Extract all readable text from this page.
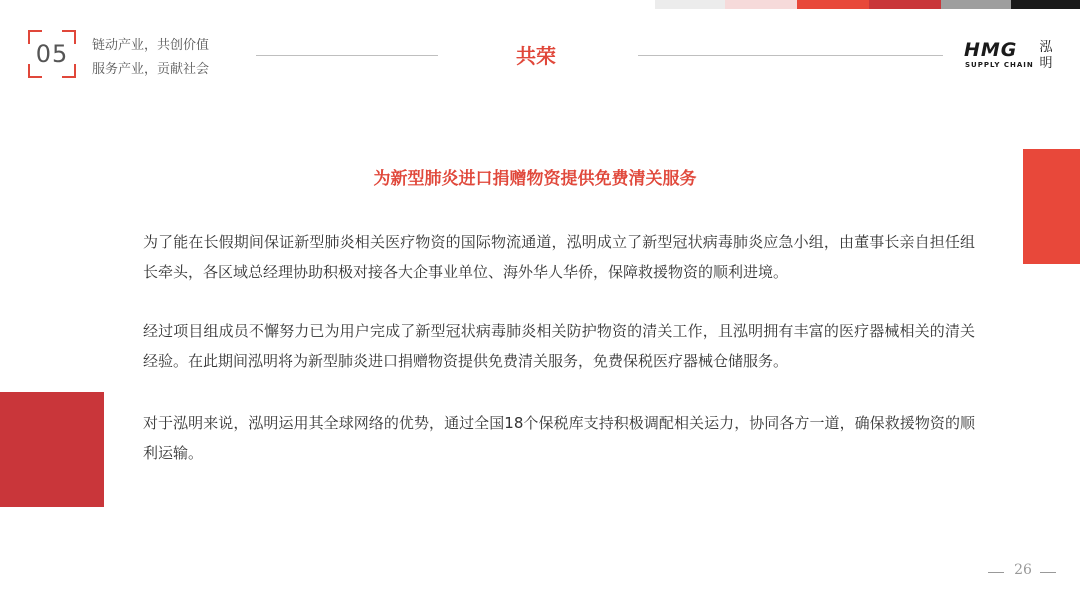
05	链动产业，共创价值
服务产业，贡献社会
共荣	HMG
SUPPLY CHAIN
泓明
为新型肺炎进口捐赠物资提供免费清关服务

为了能在长假期间保证新型肺炎相关医疗物资的国际物流通道，泓明成立了新型冠状病毒肺炎应急小组，由董事长亲自担任组长牵头，各区域总经理协助积极对接各大企事业单位、海外华人华侨，保障救援物资的顺利进境。

经过项目组成员不懈努力已为用户完成了新型冠状病毒肺炎相关防护物资的清关工作，且泓明拥有丰富的医疗器械相关的清关经验。在此期间泓明将为新型肺炎进口捐赠物资提供免费清关服务，免费保税医疗器械仓储服务。

对于泓明来说，泓明运用其全球网络的优势，通过全国18个保税库支持积极调配相关运力，协同各方一道，确保救援物资的顺利运输。

26
